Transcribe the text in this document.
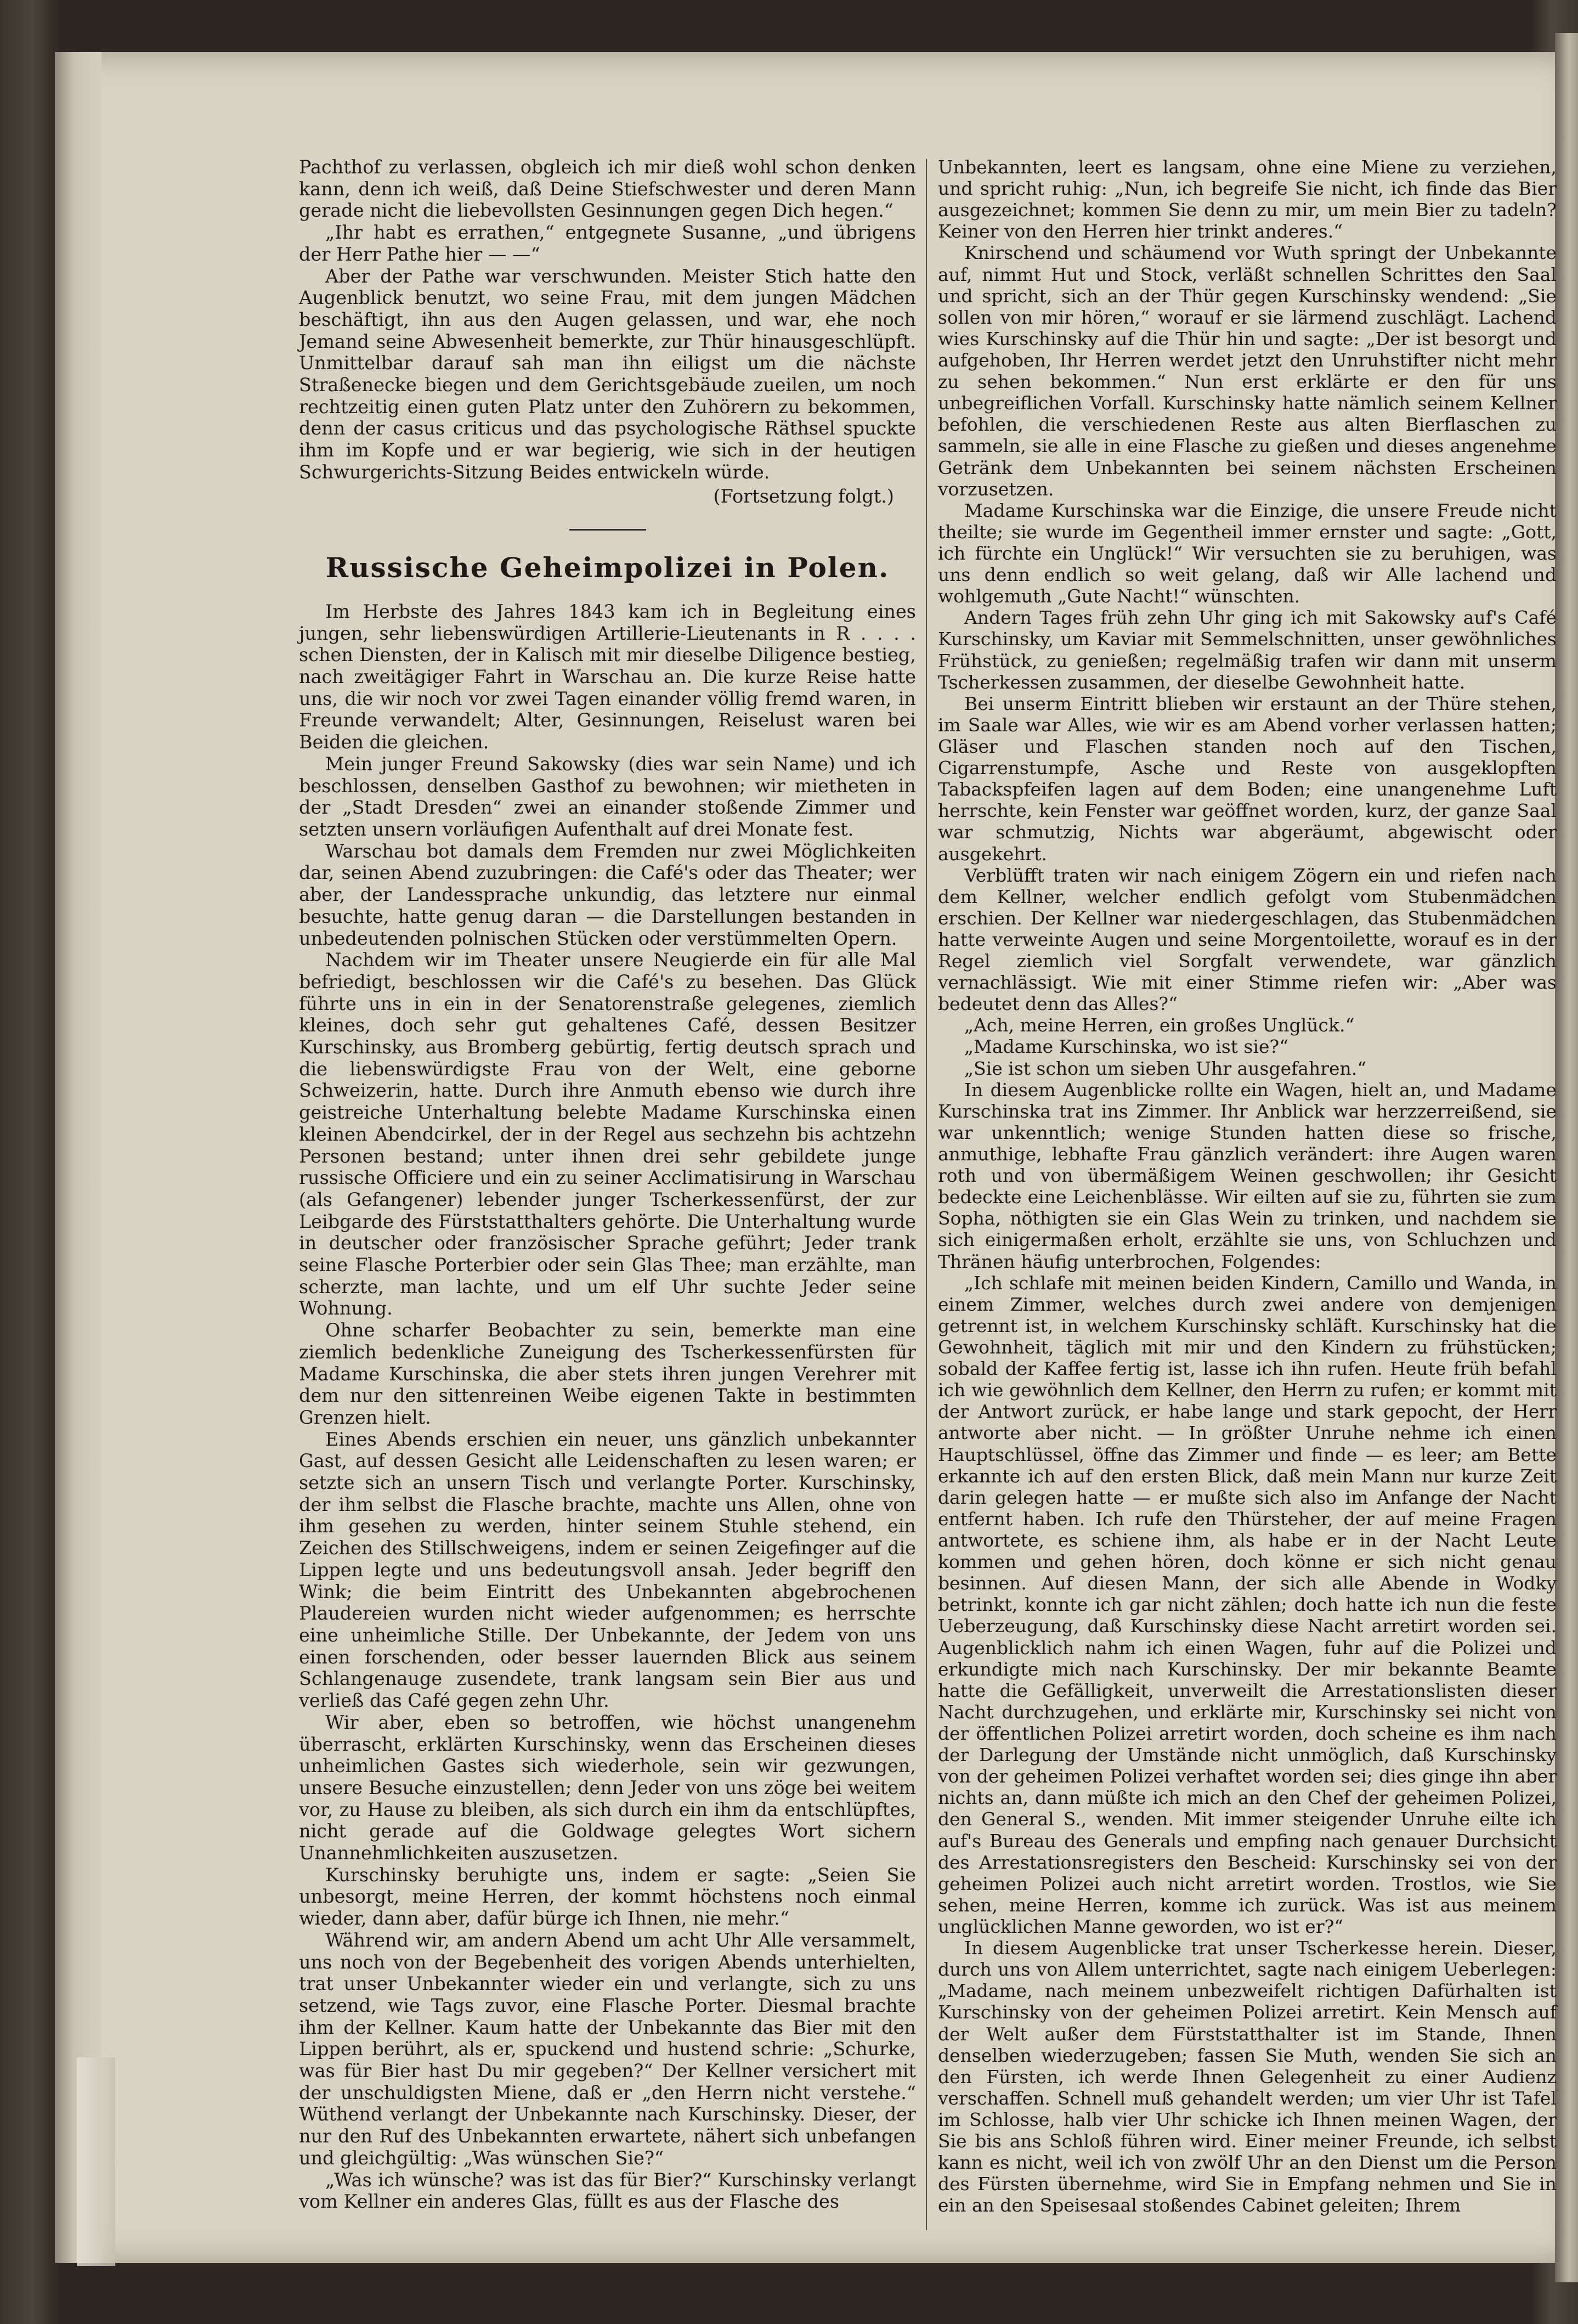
Pachthof zu verlassen, obgleich ich mir dieß wohl schon denken kann, denn ich weiß, daß Deine Stiefschwester und deren Mann gerade nicht die liebevollsten Gesinnungen gegen Dich hegen.“

„Ihr habt es errathen,“ entgegnete Susanne, „und übrigens der Herr Pathe hier — —“

Aber der Pathe war verschwunden. Meister Stich hatte den Augenblick benutzt, wo seine Frau, mit dem jungen Mädchen beschäftigt, ihn aus den Augen gelassen, und war, ehe noch Jemand seine Abwesenheit bemerkte, zur Thür hinausgeschlüpft. Unmittelbar darauf sah man ihn eiligst um die nächste Straßenecke biegen und dem Gerichtsgebäude zueilen, um noch rechtzeitig einen guten Platz unter den Zuhörern zu bekommen, denn der casus criticus und das psychologische Räthsel spuckte ihm im Kopfe und er war begierig, wie sich in der heutigen Schwurgerichts-Sitzung Beides entwickeln würde.

(Fortsetzung folgt.)

Russische Geheimpolizei in Polen.

Im Herbste des Jahres 1843 kam ich in Begleitung eines jungen, sehr liebenswürdigen Artillerie-Lieutenants in R . . . . schen Diensten, der in Kalisch mit mir dieselbe Diligence bestieg, nach zweitägiger Fahrt in Warschau an. Die kurze Reise hatte uns, die wir noch vor zwei Tagen einander völlig fremd waren, in Freunde verwandelt; Alter, Gesinnungen, Reiselust waren bei Beiden die gleichen.

Mein junger Freund Sakowsky (dies war sein Name) und ich beschlossen, denselben Gasthof zu bewohnen; wir mietheten in der „Stadt Dresden“ zwei an einander stoßende Zimmer und setzten unsern vorläufigen Aufenthalt auf drei Monate fest.

Warschau bot damals dem Fremden nur zwei Möglichkeiten dar, seinen Abend zuzubringen: die Café's oder das Theater; wer aber, der Landessprache unkundig, das letztere nur einmal besuchte, hatte genug daran — die Darstellungen bestanden in unbedeutenden polnischen Stücken oder verstümmelten Opern.

Nachdem wir im Theater unsere Neugierde ein für alle Mal befriedigt, beschlossen wir die Café's zu besehen. Das Glück führte uns in ein in der Senatorenstraße gelegenes, ziemlich kleines, doch sehr gut gehaltenes Café, dessen Besitzer Kurschinsky, aus Bromberg gebürtig, fertig deutsch sprach und die liebenswürdigste Frau von der Welt, eine geborne Schweizerin, hatte. Durch ihre Anmuth ebenso wie durch ihre geistreiche Unterhaltung belebte Madame Kurschinska einen kleinen Abendcirkel, der in der Regel aus sechzehn bis achtzehn Personen bestand; unter ihnen drei sehr gebildete junge russische Officiere und ein zu seiner Acclimatisirung in Warschau (als Gefangener) lebender junger Tscherkessenfürst, der zur Leibgarde des Fürststatthalters gehörte. Die Unterhaltung wurde in deutscher oder französischer Sprache geführt; Jeder trank seine Flasche Porterbier oder sein Glas Thee; man erzählte, man scherzte, man lachte, und um elf Uhr suchte Jeder seine Wohnung.

Ohne scharfer Beobachter zu sein, bemerkte man eine ziemlich bedenkliche Zuneigung des Tscherkessenfürsten für Madame Kurschinska, die aber stets ihren jungen Verehrer mit dem nur den sittenreinen Weibe eigenen Takte in bestimmten Grenzen hielt.

Eines Abends erschien ein neuer, uns gänzlich unbekannter Gast, auf dessen Gesicht alle Leidenschaften zu lesen waren; er setzte sich an unsern Tisch und verlangte Porter. Kurschinsky, der ihm selbst die Flasche brachte, machte uns Allen, ohne von ihm gesehen zu werden, hinter seinem Stuhle stehend, ein Zeichen des Stillschweigens, indem er seinen Zeigefinger auf die Lippen legte und uns bedeutungsvoll ansah. Jeder begriff den Wink; die beim Eintritt des Unbekannten abgebrochenen Plaudereien wurden nicht wieder aufgenommen; es herrschte eine unheimliche Stille. Der Unbekannte, der Jedem von uns einen forschenden, oder besser lauernden Blick aus seinem Schlangenauge zusendete, trank langsam sein Bier aus und verließ das Café gegen zehn Uhr.

Wir aber, eben so betroffen, wie höchst unangenehm überrascht, erklärten Kurschinsky, wenn das Erscheinen dieses unheimlichen Gastes sich wiederhole, sein wir gezwungen, unsere Besuche einzustellen; denn Jeder von uns zöge bei weitem vor, zu Hause zu bleiben, als sich durch ein ihm da entschlüpftes, nicht gerade auf die Goldwage gelegtes Wort sichern Unannehmlichkeiten auszusetzen.

Kurschinsky beruhigte uns, indem er sagte: „Seien Sie unbesorgt, meine Herren, der kommt höchstens noch einmal wieder, dann aber, dafür bürge ich Ihnen, nie mehr.“

Während wir, am andern Abend um acht Uhr Alle versammelt, uns noch von der Begebenheit des vorigen Abends unterhielten, trat unser Unbekannter wieder ein und verlangte, sich zu uns setzend, wie Tags zuvor, eine Flasche Porter. Diesmal brachte ihm der Kellner. Kaum hatte der Unbekannte das Bier mit den Lippen berührt, als er, spuckend und hustend schrie: „Schurke, was für Bier hast Du mir gegeben?“ Der Kellner versichert mit der unschuldigsten Miene, daß er „den Herrn nicht verstehe.“ Wüthend verlangt der Unbekannte nach Kurschinsky. Dieser, der nur den Ruf des Unbekannten erwartete, nähert sich unbefangen und gleichgültig: „Was wünschen Sie?“

„Was ich wünsche? was ist das für Bier?“ Kurschinsky verlangt vom Kellner ein anderes Glas, füllt es aus der Flasche des

Unbekannten, leert es langsam, ohne eine Miene zu verziehen, und spricht ruhig: „Nun, ich begreife Sie nicht, ich finde das Bier ausgezeichnet; kommen Sie denn zu mir, um mein Bier zu tadeln? Keiner von den Herren hier trinkt anderes.“

Knirschend und schäumend vor Wuth springt der Unbekannte auf, nimmt Hut und Stock, verläßt schnellen Schrittes den Saal und spricht, sich an der Thür gegen Kurschinsky wendend: „Sie sollen von mir hören,“ worauf er sie lärmend zuschlägt. Lachend wies Kurschinsky auf die Thür hin und sagte: „Der ist besorgt und aufgehoben, Ihr Herren werdet jetzt den Unruhstifter nicht mehr zu sehen bekommen.“ Nun erst erklärte er den für uns unbegreiflichen Vorfall. Kurschinsky hatte nämlich seinem Kellner befohlen, die verschiedenen Reste aus alten Bierflaschen zu sammeln, sie alle in eine Flasche zu gießen und dieses angenehme Getränk dem Unbekannten bei seinem nächsten Erscheinen vorzusetzen.

Madame Kurschinska war die Einzige, die unsere Freude nicht theilte; sie wurde im Gegentheil immer ernster und sagte: „Gott, ich fürchte ein Unglück!“ Wir versuchten sie zu beruhigen, was uns denn endlich so weit gelang, daß wir Alle lachend und wohlgemuth „Gute Nacht!“ wünschten.

Andern Tages früh zehn Uhr ging ich mit Sakowsky auf's Café Kurschinsky, um Kaviar mit Semmelschnitten, unser gewöhnliches Frühstück, zu genießen; regelmäßig trafen wir dann mit unserm Tscherkessen zusammen, der dieselbe Gewohnheit hatte.

Bei unserm Eintritt blieben wir erstaunt an der Thüre stehen, im Saale war Alles, wie wir es am Abend vorher verlassen hatten; Gläser und Flaschen standen noch auf den Tischen, Cigarrenstumpfe, Asche und Reste von ausgeklopften Tabackspfeifen lagen auf dem Boden; eine unangenehme Luft herrschte, kein Fenster war geöffnet worden, kurz, der ganze Saal war schmutzig, Nichts war abgeräumt, abgewischt oder ausgekehrt.

Verblüfft traten wir nach einigem Zögern ein und riefen nach dem Kellner, welcher endlich gefolgt vom Stubenmädchen erschien. Der Kellner war niedergeschlagen, das Stubenmädchen hatte verweinte Augen und seine Morgentoilette, worauf es in der Regel ziemlich viel Sorgfalt verwendete, war gänzlich vernachlässigt. Wie mit einer Stimme riefen wir: „Aber was bedeutet denn das Alles?“

„Ach, meine Herren, ein großes Unglück.“

„Madame Kurschinska, wo ist sie?“

„Sie ist schon um sieben Uhr ausgefahren.“

In diesem Augenblicke rollte ein Wagen, hielt an, und Madame Kurschinska trat ins Zimmer. Ihr Anblick war herzzerreißend, sie war unkenntlich; wenige Stunden hatten diese so frische, anmuthige, lebhafte Frau gänzlich verändert: ihre Augen waren roth und von übermäßigem Weinen geschwollen; ihr Gesicht bedeckte eine Leichenblässe. Wir eilten auf sie zu, führten sie zum Sopha, nöthigten sie ein Glas Wein zu trinken, und nachdem sie sich einigermaßen erholt, erzählte sie uns, von Schluchzen und Thränen häufig unterbrochen, Folgendes:

„Ich schlafe mit meinen beiden Kindern, Camillo und Wanda, in einem Zimmer, welches durch zwei andere von demjenigen getrennt ist, in welchem Kurschinsky schläft. Kurschinsky hat die Gewohnheit, täglich mit mir und den Kindern zu frühstücken; sobald der Kaffee fertig ist, lasse ich ihn rufen. Heute früh befahl ich wie gewöhnlich dem Kellner, den Herrn zu rufen; er kommt mit der Antwort zurück, er habe lange und stark gepocht, der Herr antworte aber nicht. — In größter Unruhe nehme ich einen Hauptschlüssel, öffne das Zimmer und finde — es leer; am Bette erkannte ich auf den ersten Blick, daß mein Mann nur kurze Zeit darin gelegen hatte — er mußte sich also im Anfange der Nacht entfernt haben. Ich rufe den Thürsteher, der auf meine Fragen antwortete, es schiene ihm, als habe er in der Nacht Leute kommen und gehen hören, doch könne er sich nicht genau besinnen. Auf diesen Mann, der sich alle Abende in Wodky betrinkt, konnte ich gar nicht zählen; doch hatte ich nun die feste Ueberzeugung, daß Kurschinsky diese Nacht arretirt worden sei. Augenblicklich nahm ich einen Wagen, fuhr auf die Polizei und erkundigte mich nach Kurschinsky. Der mir bekannte Beamte hatte die Gefälligkeit, unverweilt die Arrestationslisten dieser Nacht durchzugehen, und erklärte mir, Kurschinsky sei nicht von der öffentlichen Polizei arretirt worden, doch scheine es ihm nach der Darlegung der Umstände nicht unmöglich, daß Kurschinsky von der geheimen Polizei verhaftet worden sei; dies ginge ihn aber nichts an, dann müßte ich mich an den Chef der geheimen Polizei, den General S., wenden. Mit immer steigender Unruhe eilte ich auf's Bureau des Generals und empfing nach genauer Durchsicht des Arrestationsregisters den Bescheid: Kurschinsky sei von der geheimen Polizei auch nicht arretirt worden. Trostlos, wie Sie sehen, meine Herren, komme ich zurück. Was ist aus meinem unglücklichen Manne geworden, wo ist er?“

In diesem Augenblicke trat unser Tscherkesse herein. Dieser, durch uns von Allem unterrichtet, sagte nach einigem Ueberlegen: „Madame, nach meinem unbezweifelt richtigen Dafürhalten ist Kurschinsky von der geheimen Polizei arretirt. Kein Mensch auf der Welt außer dem Fürststatthalter ist im Stande, Ihnen denselben wiederzugeben; fassen Sie Muth, wenden Sie sich an den Fürsten, ich werde Ihnen Gelegenheit zu einer Audienz verschaffen. Schnell muß gehandelt werden; um vier Uhr ist Tafel im Schlosse, halb vier Uhr schicke ich Ihnen meinen Wagen, der Sie bis ans Schloß führen wird. Einer meiner Freunde, ich selbst kann es nicht, weil ich von zwölf Uhr an den Dienst um die Person des Fürsten übernehme, wird Sie in Empfang nehmen und Sie in ein an den Speisesaal stoßendes Cabinet geleiten; Ihrem
